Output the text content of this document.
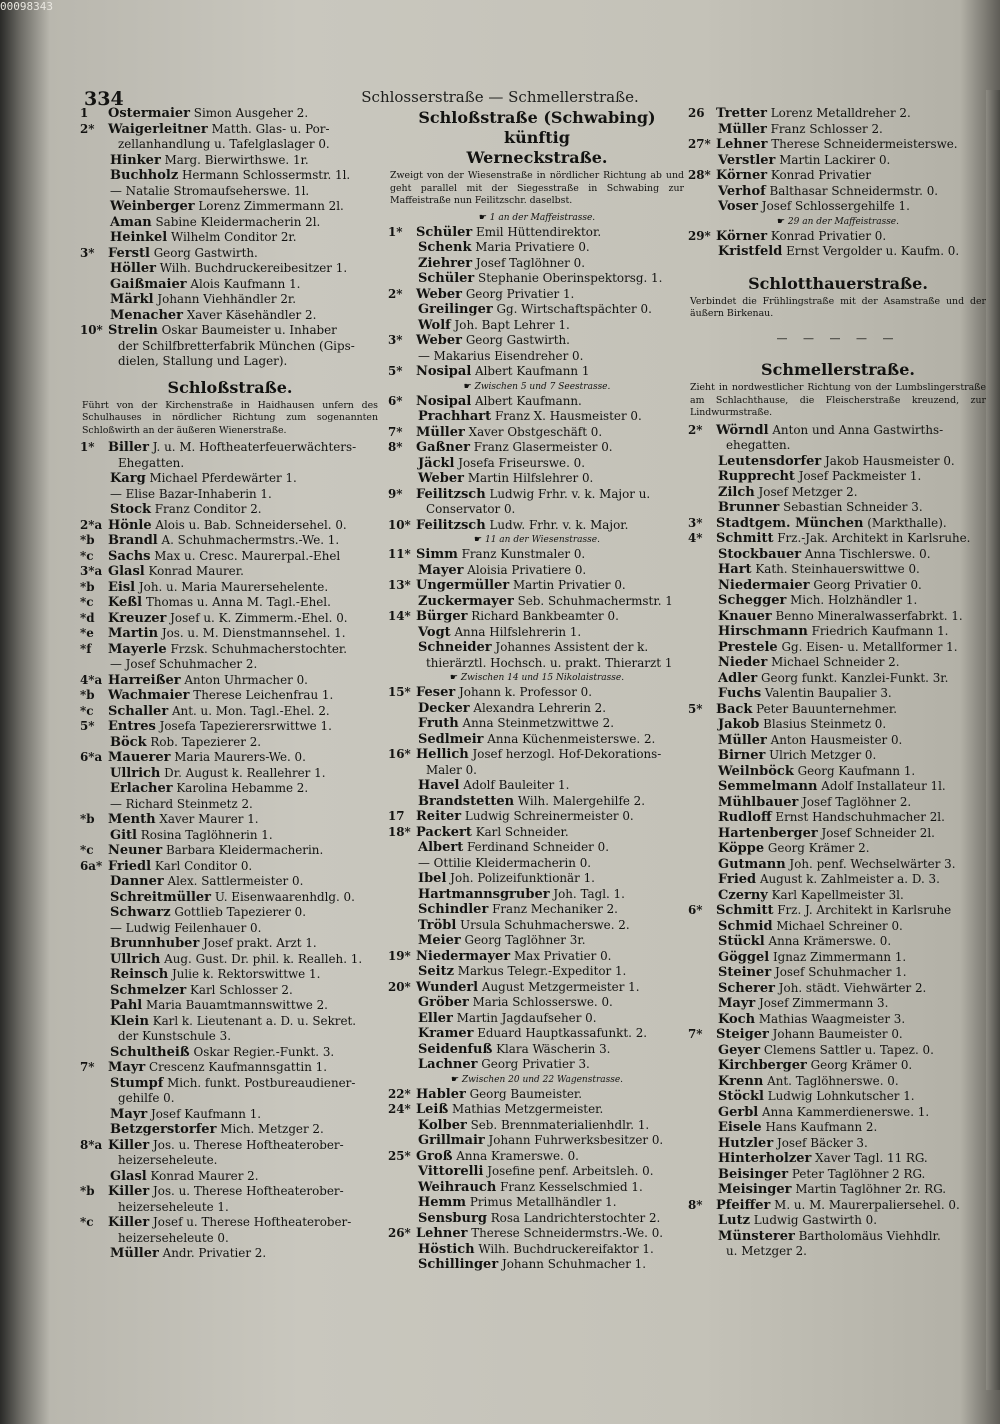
00098343
334	Schlosserstraße — Schmellerstraße.
1 Ostermaier Simon Ausgeher 2.
2* Waigerleitner Matth. Glas- u. Por-
zellanhandlung u. Tafelglaslager 0.
Hinker Marg. Bierwirthswe. 1r.
Buchholz Hermann Schlossermstr. 1l.
— Natalie Stromaufseherswe. 1l.
Weinberger Lorenz Zimmermann 2l.
Aman Sabine Kleidermacherin 2l.
Heinkel Wilhelm Conditor 2r.
3* Ferstl Georg Gastwirth.
Höller Wilh. Buchdruckereibesitzer 1.
Gaißmaier Alois Kaufmann 1.
Märkl Johann Viehhändler 2r.
Menacher Xaver Käsehändler 2.
10* Strelin Oskar Baumeister u. Inhaber
der Schilfbretterfabrik München (Gips-
dielen, Stallung und Lager).
Schloßstraße.
Führt von der Kirchenstraße in Haidhausen unfern des Schulhauses in nördlicher Richtung zum sogenannten Schloßwirth an der äußeren Wienerstraße.
1* Biller J. u. M. Hoftheaterfeuerwächters-
Ehegatten.
Karg Michael Pferdewärter 1.
— Elise Bazar-Inhaberin 1.
Stock Franz Conditor 2.
2*a Hönle Alois u. Bab. Schneidersehel. 0.
*b Brandl A. Schuhmachermstrs.-We. 1.
*c Sachs Max u. Cresc. Maurerpal.-Ehel
3*a Glasl Konrad Maurer.
*b Eisl Joh. u. Maria Maurersehelente.
*c Keßl Thomas u. Anna M. Tagl.-Ehel.
*d Kreuzer Josef u. K. Zimmerm.-Ehel. 0.
*e Martin Jos. u. M. Dienstmannsehel. 1.
*f Mayerle Frzsk. Schuhmacherstochter.
— Josef Schuhmacher 2.
4*a Harreißer Anton Uhrmacher 0.
*b Wachmaier Therese Leichenfrau 1.
*c Schaller Ant. u. Mon. Tagl.-Ehel. 2.
5* Entres Josefa Tapezierersrwittwe 1.
Böck Rob. Tapezierer 2.
6*a Mauerer Maria Maurers-We. 0.
Ullrich Dr. August k. Reallehrer 1.
Erlacher Karolina Hebamme 2.
— Richard Steinmetz 2.
*b Menth Xaver Maurer 1.
Gitl Rosina Taglöhnerin 1.
*c Neuner Barbara Kleidermacherin.
6a* Friedl Karl Conditor 0.
Danner Alex. Sattlermeister 0.
Schreitmüller U. Eisenwaarenhdlg. 0.
Schwarz Gottlieb Tapezierer 0.
— Ludwig Feilenhauer 0.
Brunnhuber Josef prakt. Arzt 1.
Ullrich Aug. Gust. Dr. phil. k. Realleh. 1.
Reinsch Julie k. Rektorswittwe 1.
Schmelzer Karl Schlosser 2.
Pahl Maria Bauamtmannswittwe 2.
Klein Karl k. Lieutenant a. D. u. Sekret.
der Kunstschule 3.
Schultheiß Oskar Regier.-Funkt. 3.
7* Mayr Crescenz Kaufmannsgattin 1.
Stumpf Mich. funkt. Postbureaudiener-
gehilfe 0.
Mayr Josef Kaufmann 1.
Betzgerstorfer Mich. Metzger 2.
8*a Killer Jos. u. Therese Hoftheaterober-
heizerseheleute.
Glasl Konrad Maurer 2.
*b Killer Jos. u. Therese Hoftheaterober-
heizerseheleute 1.
*c Killer Josef u. Therese Hoftheaterober-
heizerseheleute 0.
Müller Andr. Privatier 2.
Schloßstraße (Schwabing) künftig
Werneckstraße.
Zweigt von der Wiesenstraße in nördlicher Richtung ab und geht parallel mit der Siegesstraße in Schwabing zur Maffeistraße nun Feilitzschr. daselbst.
☛ 1 an der Maffeistrasse.
1* Schüler Emil Hüttendirektor.
Schenk Maria Privatiere 0.
Ziehrer Josef Taglöhner 0.
Schüler Stephanie Oberinspektorsg. 1.
2* Weber Georg Privatier 1.
Greilinger Gg. Wirtschaftspächter 0.
Wolf Joh. Bapt Lehrer 1.
3* Weber Georg Gastwirth.
— Makarius Eisendreher 0.
5* Nosipal Albert Kaufmann 1
☛ Zwischen 5 und 7 Seestrasse.
6* Nosipal Albert Kaufmann.
Prachhart Franz X. Hausmeister 0.
7* Müller Xaver Obstgeschäft 0.
8* Gaßner Franz Glasermeister 0.
Jäckl Josefa Friseurswe. 0.
Weber Martin Hilfslehrer 0.
9* Feilitzsch Ludwig Frhr. v. k. Major u.
Conservator 0.
10* Feilitzsch Ludw. Frhr. v. k. Major.
☛ 11 an der Wiesenstrasse.
11* Simm Franz Kunstmaler 0.
Mayer Aloisia Privatiere 0.
13* Ungermüller Martin Privatier 0.
Zuckermayer Seb. Schuhmachermstr. 1
14* Bürger Richard Bankbeamter 0.
Vogt Anna Hilfslehrerin 1.
Schneider Johannes Assistent der k.
thierärztl. Hochsch. u. prakt. Thierarzt 1
☛ Zwischen 14 und 15 Nikolaistrasse.
15* Feser Johann k. Professor 0.
Decker Alexandra Lehrerin 2.
Fruth Anna Steinmetzwittwe 2.
Sedlmeir Anna Küchenmeisterswe. 2.
16* Hellich Josef herzogl. Hof-Dekorations-
Maler 0.
Havel Adolf Bauleiter 1.
Brandstetten Wilh. Malergehilfe 2.
17 Reiter Ludwig Schreinermeister 0.
18* Packert Karl Schneider.
Albert Ferdinand Schneider 0.
— Ottilie Kleidermacherin 0.
Ibel Joh. Polizeifunktionär 1.
Hartmannsgruber Joh. Tagl. 1.
Schindler Franz Mechaniker 2.
Tröbl Ursula Schuhmacherswe. 2.
Meier Georg Taglöhner 3r.
19* Niedermayer Max Privatier 0.
Seitz Markus Telegr.-Expeditor 1.
20* Wunderl August Metzgermeister 1.
Gröber Maria Schlosserswe. 0.
Eller Martin Jagdaufseher 0.
Kramer Eduard Hauptkassafunkt. 2.
Seidenfuß Klara Wäscherin 3.
Lachner Georg Privatier 3.
☛ Zwischen 20 und 22 Wagenstrasse.
22* Habler Georg Baumeister.
24* Leiß Mathias Metzgermeister.
Kolber Seb. Brennmaterialienhdlr. 1.
Grillmair Johann Fuhrwerksbesitzer 0.
25* Groß Anna Kramerswe. 0.
Vittorelli Josefine penf. Arbeitsleh. 0.
Weihrauch Franz Kesselschmied 1.
Hemm Primus Metallhändler 1.
Sensburg Rosa Landrichterstochter 2.
26* Lehner Therese Schneidermstrs.-We. 0.
Höstich Wilh. Buchdruckereifaktor 1.
Schillinger Johann Schuhmacher 1.
26 Tretter Lorenz Metalldreher 2.
Müller Franz Schlosser 2.
27* Lehner Therese Schneidermeisterswe.
Verstler Martin Lackirer 0.
28* Körner Konrad Privatier
Verhof Balthasar Schneidermstr. 0.
Voser Josef Schlossergehilfe 1.
☛ 29 an der Maffeistrasse.
29* Körner Konrad Privatier 0.
Kristfeld Ernst Vergolder u. Kaufm. 0.
Schlotthauerstraße.
Verbindet die Frühlingstraße mit der Asamstraße und der äußern Birkenau.
— — — — —
Schmellerstraße.
Zieht in nordwestlicher Richtung von der Lumbslingerstraße am Schlachthause, die Fleischerstraße kreuzend, zur Lindwurmstraße.
2* Wörndl Anton und Anna Gastwirths-
ehegatten.
Leutensdorfer Jakob Hausmeister 0.
Rupprecht Josef Packmeister 1.
Zilch Josef Metzger 2.
Brunner Sebastian Schneider 3.
3* Stadtgem. München (Markthalle).
4* Schmitt Frz.-Jak. Architekt in Karlsruhe.
Stockbauer Anna Tischlerswe. 0.
Hart Kath. Steinhauerswittwe 0.
Niedermaier Georg Privatier 0.
Schegger Mich. Holzhändler 1.
Knauer Benno Mineralwasserfabrkt. 1.
Hirschmann Friedrich Kaufmann 1.
Prestele Gg. Eisen- u. Metallformer 1.
Nieder Michael Schneider 2.
Adler Georg funkt. Kanzlei-Funkt. 3r.
Fuchs Valentin Baupalier 3.
5* Back Peter Bauunternehmer.
Jakob Blasius Steinmetz 0.
Müller Anton Hausmeister 0.
Birner Ulrich Metzger 0.
Weilnböck Georg Kaufmann 1.
Semmelmann Adolf Installateur 1l.
Mühlbauer Josef Taglöhner 2.
Rudloff Ernst Handschuhmacher 2l.
Hartenberger Josef Schneider 2l.
Köppe Georg Krämer 2.
Gutmann Joh. penf. Wechselwärter 3.
Fried August k. Zahlmeister a. D. 3.
Czerny Karl Kapellmeister 3l.
6* Schmitt Frz. J. Architekt in Karlsruhe
Schmid Michael Schreiner 0.
Stückl Anna Krämerswe. 0.
Göggel Ignaz Zimmermann 1.
Steiner Josef Schuhmacher 1.
Scherer Joh. städt. Viehwärter 2.
Mayr Josef Zimmermann 3.
Koch Mathias Waagmeister 3.
7* Steiger Johann Baumeister 0.
Geyer Clemens Sattler u. Tapez. 0.
Kirchberger Georg Krämer 0.
Krenn Ant. Taglöhnerswe. 0.
Stöckl Ludwig Lohnkutscher 1.
Gerbl Anna Kammerdienerswe. 1.
Eisele Hans Kaufmann 2.
Hutzler Josef Bäcker 3.
Hinterholzer Xaver Tagl. 11 RG.
Beisinger Peter Taglöhner 2 RG.
Meisinger Martin Taglöhner 2r. RG.
8* Pfeiffer M. u. M. Maurerpaliersehel. 0.
Lutz Ludwig Gastwirth 0.
Münsterer Bartholomäus Viehhdlr.
u. Metzger 2.
